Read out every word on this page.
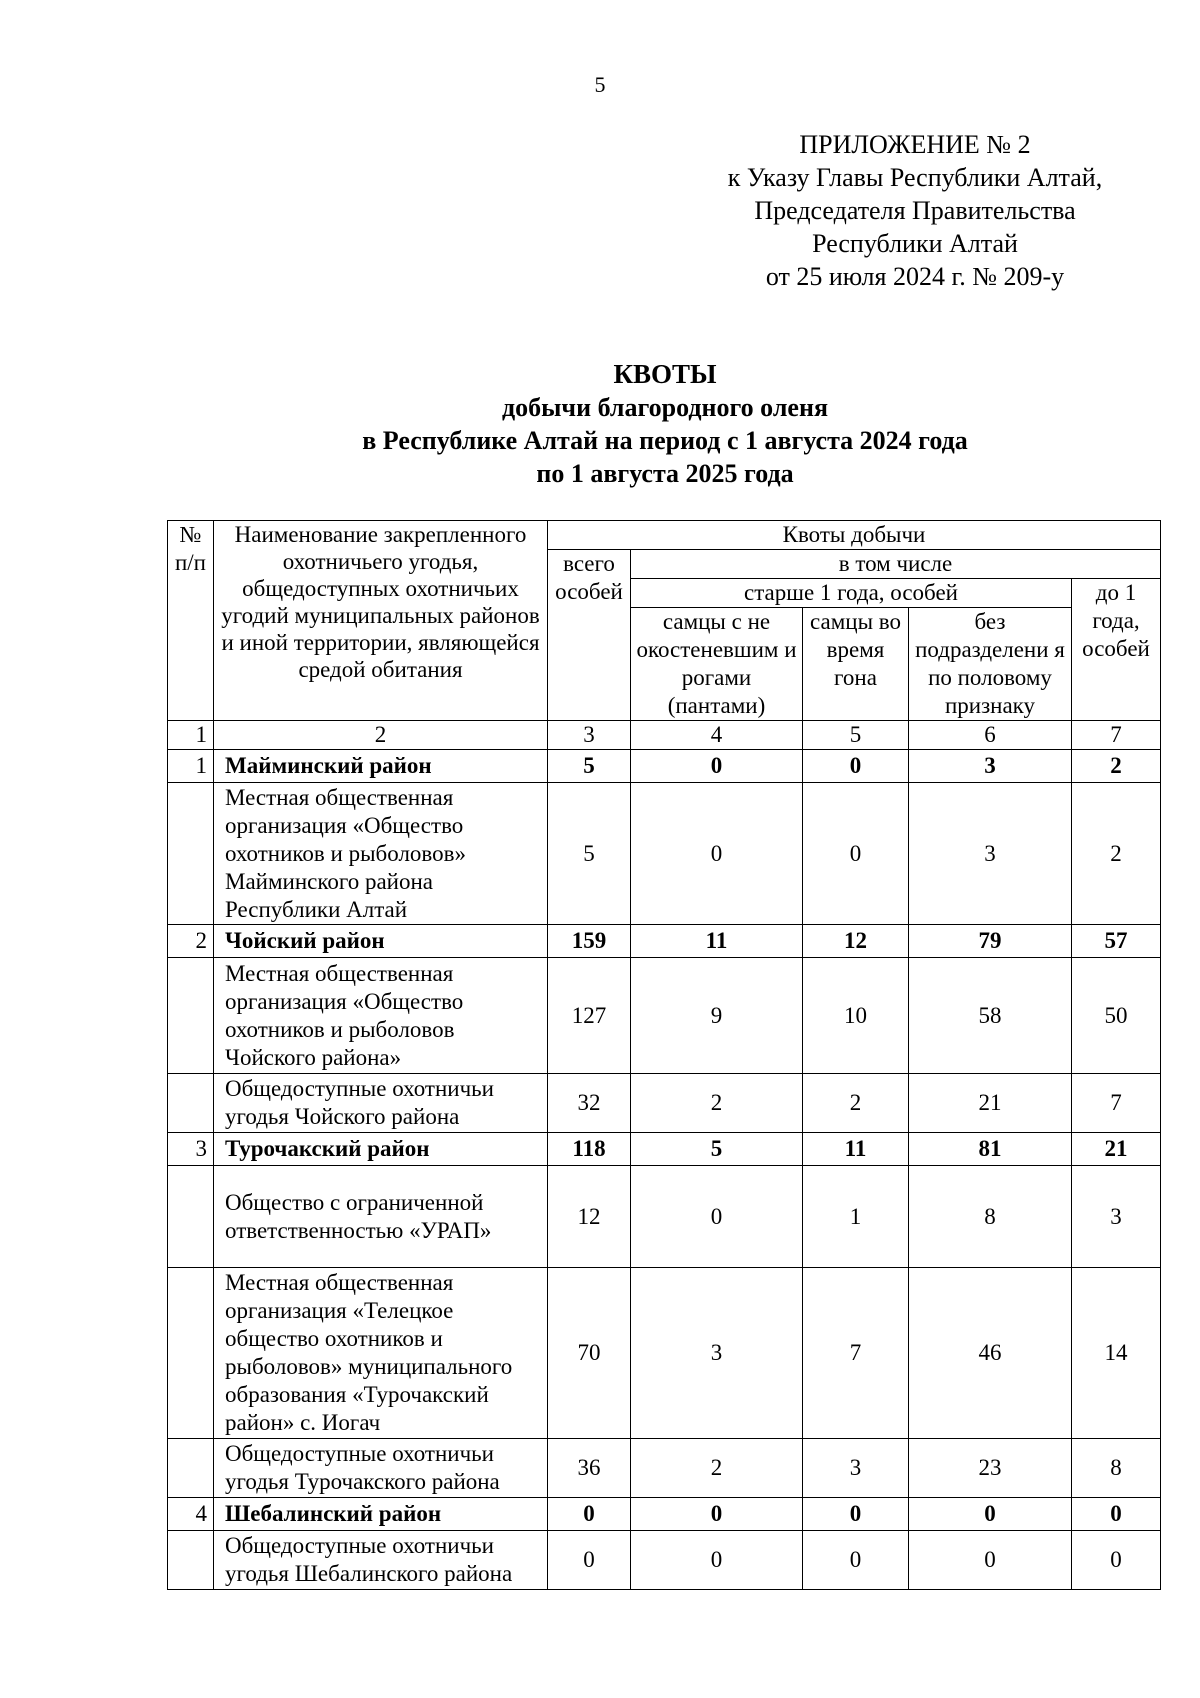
5
ПРИЛОЖЕНИЕ № 2
к Указу Главы Республики Алтай,
Председателя Правительства
Республики Алтай
от 25 июля 2024 г. № 209-у
КВОТЫ
добычи благородного оленя
в Республике Алтай на период с 1 августа 2024 года
по 1 августа 2025 года
№ п/п	Наименование закрепленного охотничьего угодья, общедоступных охотничьих угодий муниципальных районов и иной территории, являющейся средой обитания	Квоты добычи				
		всего особей	в том числе			
			старше 1 года, особей			до 1 года, особей
			самцы с не окостеневшим и рогами (пантами)	самцы во время гона	без подразделени я по половому признаку	
1	2	3	4	5	6	7
1	Майминский район	5	0	0	3	2
	Местная общественная организация «Общество охотников и рыболовов» Майминского района Республики Алтай	5	0	0	3	2
2	Чойский район	159	11	12	79	57
	Местная общественная организация «Общество охотников и рыболовов Чойского района»	127	9	10	58	50
	Общедоступные охотничьи угодья Чойского района	32	2	2	21	7
3	Турочакский район	118	5	11	81	21
	Общество с ограниченной ответственностью «УРАП»	12	0	1	8	3
	Местная общественная организация «Телецкое общество охотников и рыболовов» муниципального образования «Турочакский район» с. Иогач	70	3	7	46	14
	Общедоступные охотничьи угодья Турочакского района	36	2	3	23	8
4	Шебалинский район	0	0	0	0	0
	Общедоступные охотничьи угодья Шебалинского района	0	0	0	0	0
